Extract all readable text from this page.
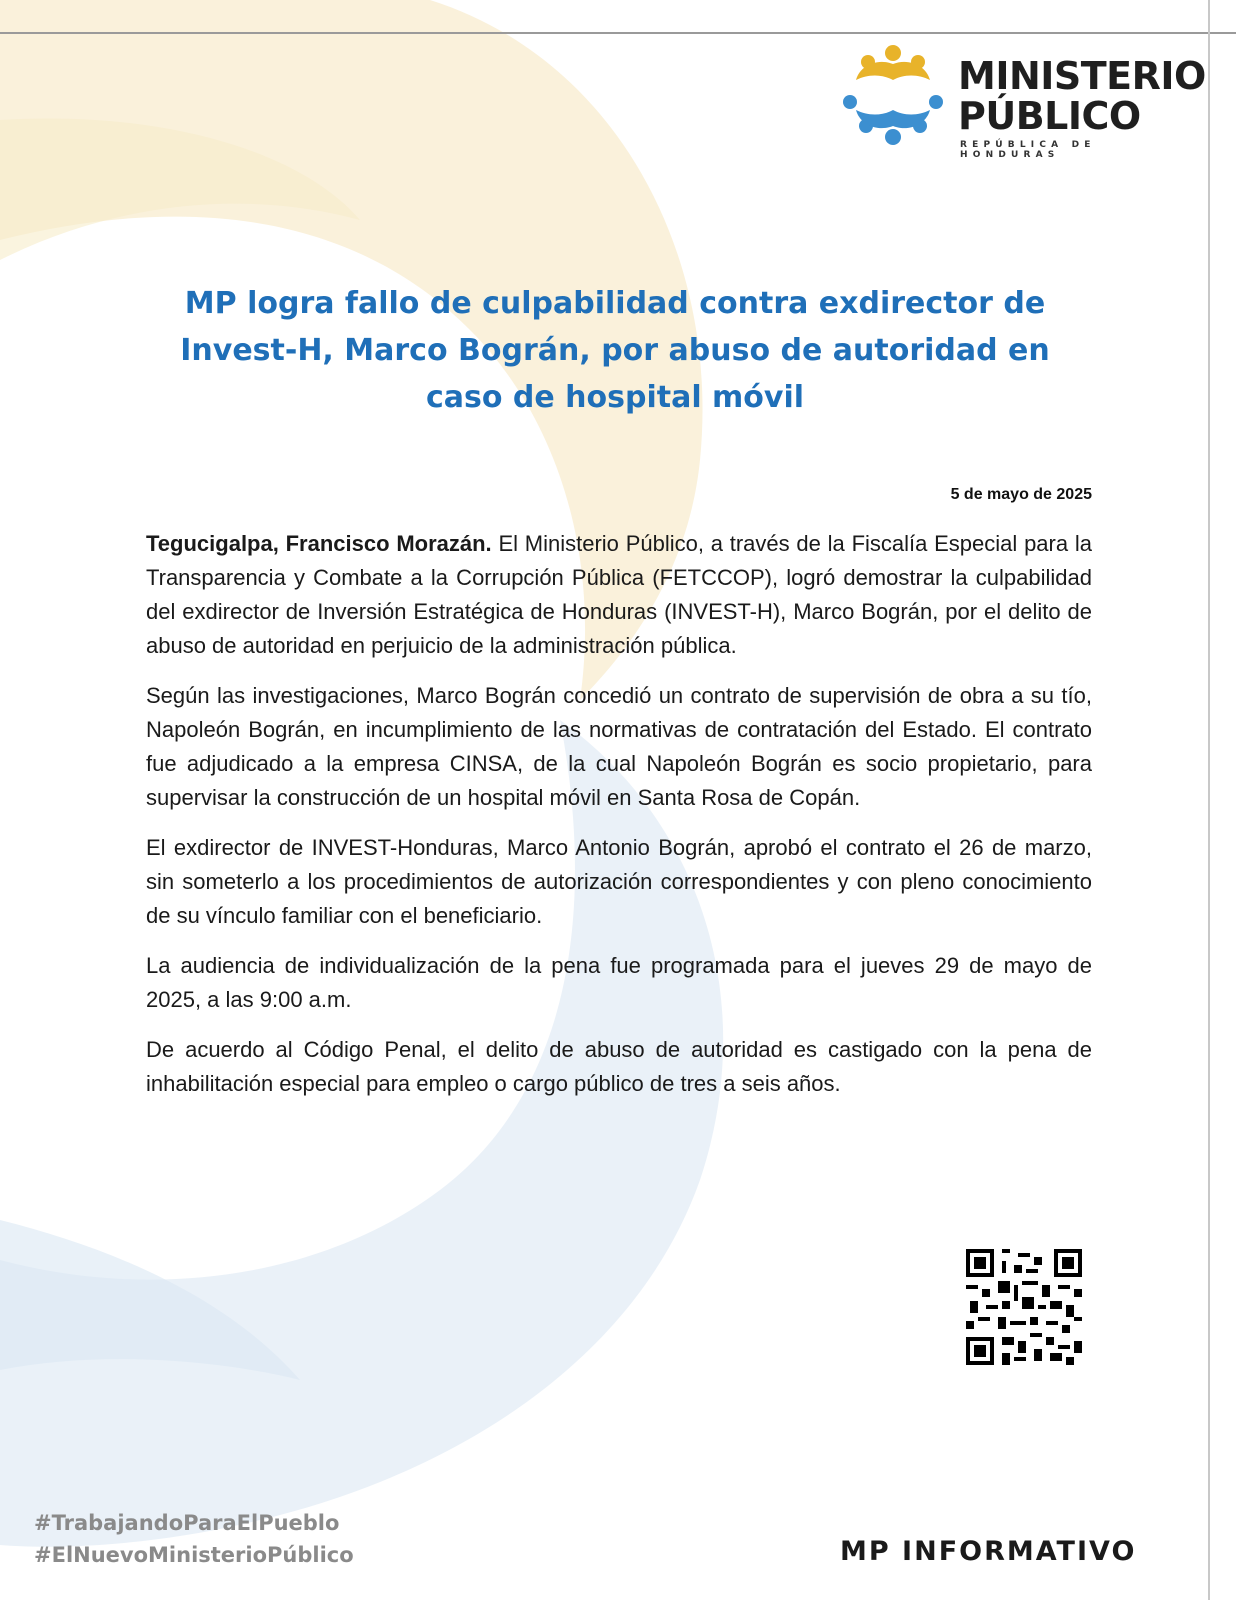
MINISTERIO
PÚBLICO
REPÚBLICA DE HONDURAS
MP logra fallo de culpabilidad contra exdirector de Invest-H, Marco Bográn, por abuso de autoridad en caso de hospital móvil
5 de mayo de 2025

Tegucigalpa, Francisco Morazán. El Ministerio Público, a través de la Fiscalía Especial para la Transparencia y Combate a la Corrupción Pública (FETCCOP), logró demostrar la culpabilidad del exdirector de Inversión Estratégica de Honduras (INVEST-H), Marco Bográn, por el delito de abuso de autoridad en perjuicio de la administración pública.

Según las investigaciones, Marco Bográn concedió un contrato de supervisión de obra a su tío, Napoleón Bográn, en incumplimiento de las normativas de contratación del Estado. El contrato fue adjudicado a la empresa CINSA, de la cual Napoleón Bográn es socio propietario, para supervisar la construcción de un hospital móvil en Santa Rosa de Copán.

El exdirector de INVEST-Honduras, Marco Antonio Bográn, aprobó el contrato el 26 de marzo, sin someterlo a los procedimientos de autorización correspondientes y con pleno conocimiento de su vínculo familiar con el beneficiario.

La audiencia de individualización de la pena fue programada para el jueves 29 de mayo de 2025, a las 9:00 a.m.

De acuerdo al Código Penal, el delito de abuso de autoridad es castigado con la pena de inhabilitación especial para empleo o cargo público de tres a seis años.

#TrabajandoParaElPueblo
#ElNuevoMinisterioPúblico	MP INFORMATIVO
